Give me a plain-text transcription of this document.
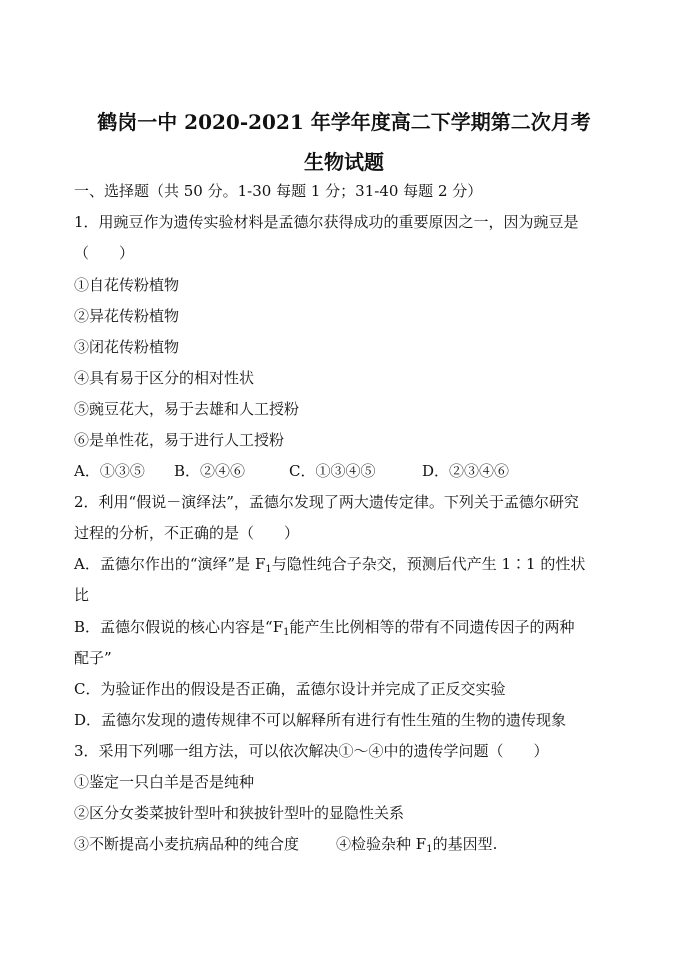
鹤岗一中 2020-2021 年学年度高二下学期第二次月考
生物试题
一、选择题（共 50 分。1-30 每题 1 分；31-40 每题 2 分）
1．用豌豆作为遗传实验材料是孟德尔获得成功的重要原因之一，因为豌豆是
（　　）
①自花传粉植物
②异花传粉植物
③闭花传粉植物
④具有易于区分的相对性状
⑤豌豆花大，易于去雄和人工授粉
⑥是单性花，易于进行人工授粉
A．①③⑤ B．②④⑥	C．①③④⑤	D．②③④⑥
2．利用“假说－演绎法”，孟德尔发现了两大遗传定律。下列关于孟德尔研究
过程的分析，不正确的是（　　）
A．孟德尔作出的“演绎”是 $F_1$与隐性纯合子杂交，预测后代产生 1∶1 的性状
比
B．孟德尔假说的核心内容是“$F_1$能产生比例相等的带有不同遗传因子的两种
配子”
C．为验证作出的假设是否正确，孟德尔设计并完成了正反交实验
D．孟德尔发现的遗传规律不可以解释所有进行有性生殖的生物的遗传现象
3．采用下列哪一组方法，可以依次解决①～④中的遗传学问题（　　）
①鉴定一只白羊是否是纯种
②区分女娄菜披针型叶和狭披针型叶的显隐性关系
③不断提高小麦抗病品种的纯合度 ④检验杂种 $F_1$的基因型.
